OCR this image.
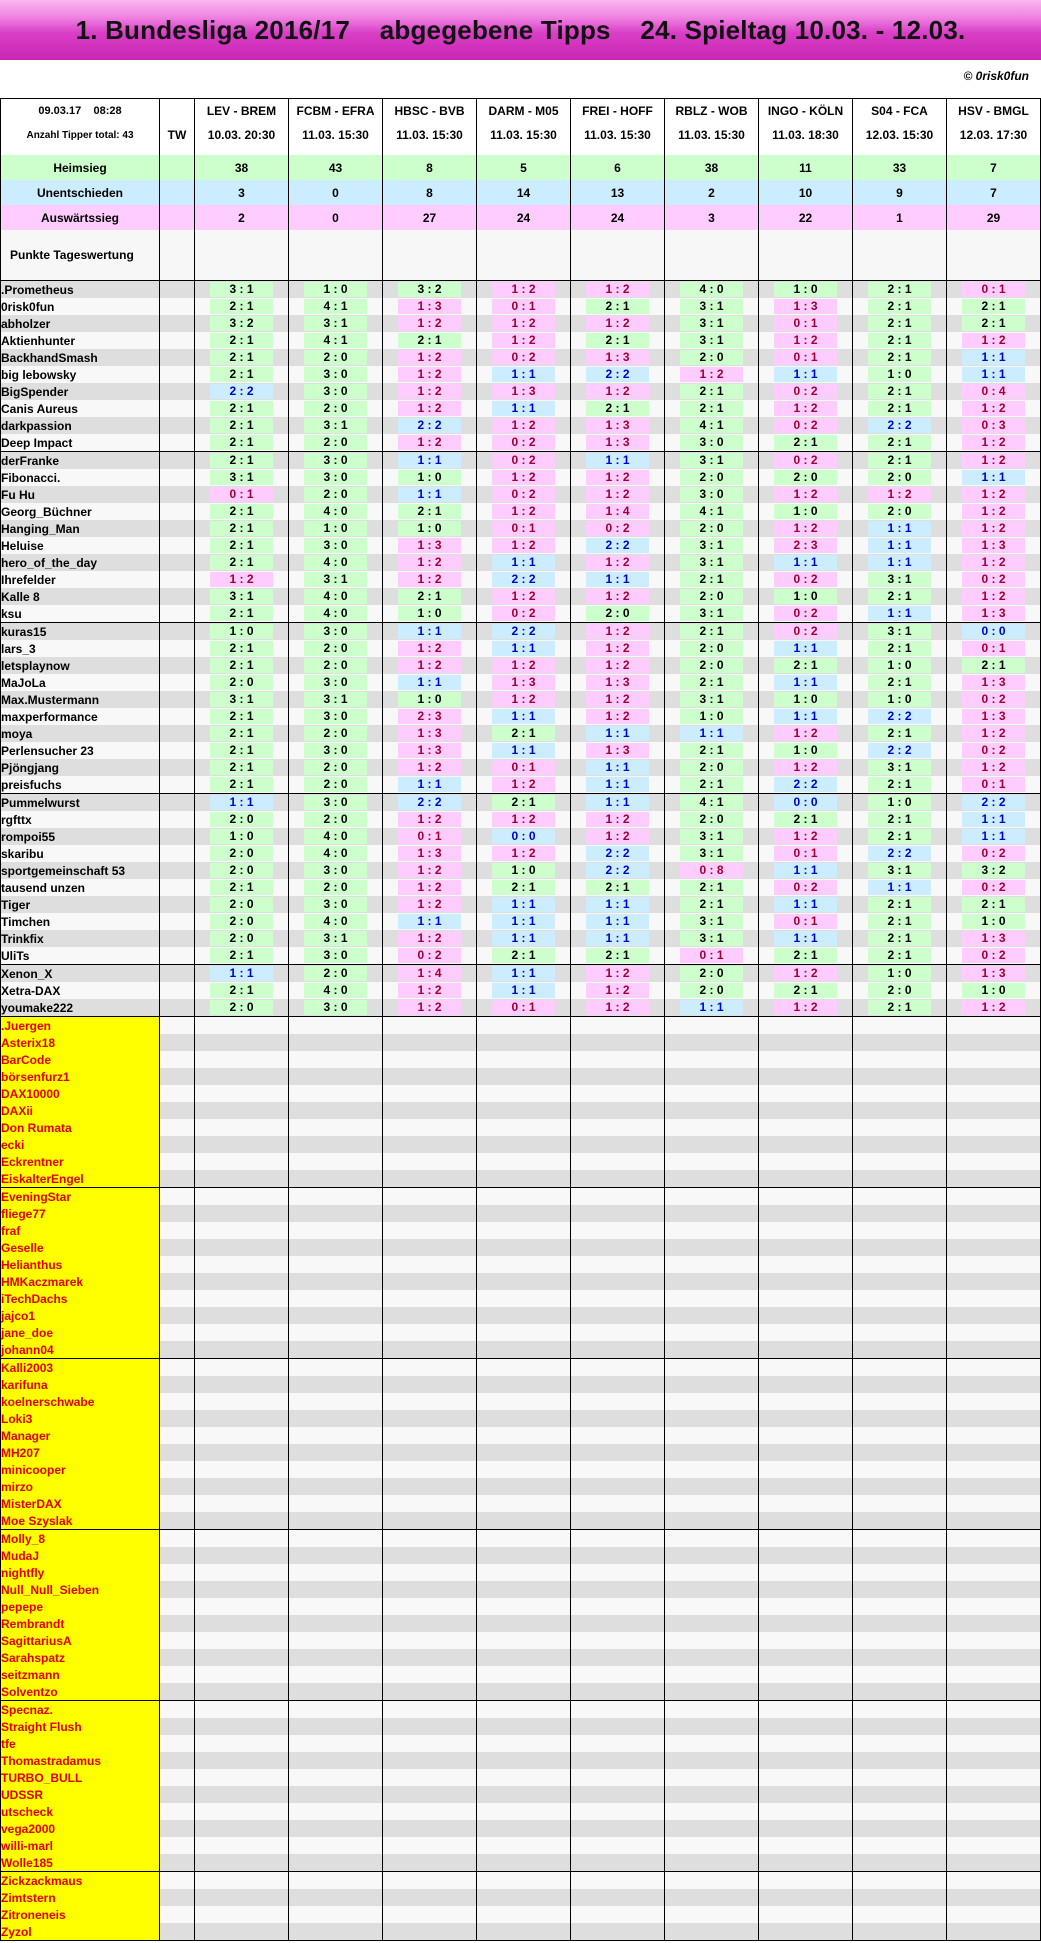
1. Bundesliga 2016/17    abgegebene Tipps    24. Spieltag 10.03. - 12.03.
© 0risk0fun
09.03.17 08:28		LEV - BREM	FCBM - EFRA	HBSC - BVB	DARM - M05	FREI - HOFF	RBLZ - WOB	INGO - KÖLN	S04 - FCA	HSV - BMGL
Anzahl Tipper total: 43	TW	10.03. 20:30	11.03. 15:30	11.03. 15:30	11.03. 15:30	11.03. 15:30	11.03. 15:30	11.03. 18:30	12.03. 15:30	12.03. 17:30

Heimsieg		38	43	8	5	6	38	11	33	7
Unentschieden		3	0	8	14	13	2	10	9	7
Auswärtssieg		2	0	27	24	24	3	22	1	29
Punkte Tageswertung										
.Prometheus		3 : 1	1 : 0	3 : 2	1 : 2	1 : 2	4 : 0	1 : 0	2 : 1	0 : 1

0risk0fun		2 : 1	4 : 1	1 : 3	0 : 1	2 : 1	3 : 1	1 : 3	2 : 1	2 : 1

abholzer		3 : 2	3 : 1	1 : 2	1 : 2	1 : 2	3 : 1	0 : 1	2 : 1	2 : 1

Aktienhunter		2 : 1	4 : 1	2 : 1	1 : 2	2 : 1	3 : 1	1 : 2	2 : 1	1 : 2

BackhandSmash		2 : 1	2 : 0	1 : 2	0 : 2	1 : 3	2 : 0	0 : 1	2 : 1	1 : 1

big lebowsky		2 : 1	3 : 0	1 : 2	1 : 1	2 : 2	1 : 2	1 : 1	1 : 0	1 : 1

BigSpender		2 : 2	3 : 0	1 : 2	1 : 3	1 : 2	2 : 1	0 : 2	2 : 1	0 : 4

Canis Aureus		2 : 1	2 : 0	1 : 2	1 : 1	2 : 1	2 : 1	1 : 2	2 : 1	1 : 2

darkpassion		2 : 1	3 : 1	2 : 2	1 : 2	1 : 3	4 : 1	0 : 2	2 : 2	0 : 3

Deep Impact		2 : 1	2 : 0	1 : 2	0 : 2	1 : 3	3 : 0	2 : 1	2 : 1	1 : 2

derFranke		2 : 1	3 : 0	1 : 1	0 : 2	1 : 1	3 : 1	0 : 2	2 : 1	1 : 2

Fibonacci.		3 : 1	3 : 0	1 : 0	1 : 2	1 : 2	2 : 0	2 : 0	2 : 0	1 : 1

Fu Hu		0 : 1	2 : 0	1 : 1	0 : 2	1 : 2	3 : 0	1 : 2	1 : 2	1 : 2

Georg_Büchner		2 : 1	4 : 0	2 : 1	1 : 2	1 : 4	4 : 1	1 : 0	2 : 0	1 : 2

Hanging_Man		2 : 1	1 : 0	1 : 0	0 : 1	0 : 2	2 : 0	1 : 2	1 : 1	1 : 2

Heluise		2 : 1	3 : 0	1 : 3	1 : 2	2 : 2	3 : 1	2 : 3	1 : 1	1 : 3

hero_of_the_day		2 : 1	4 : 0	1 : 2	1 : 1	1 : 2	3 : 1	1 : 1	1 : 1	1 : 2

Ihrefelder		1 : 2	3 : 1	1 : 2	2 : 2	1 : 1	2 : 1	0 : 2	3 : 1	0 : 2

Kalle 8		3 : 1	4 : 0	2 : 1	1 : 2	1 : 2	2 : 0	1 : 0	2 : 1	1 : 2

ksu		2 : 1	4 : 0	1 : 0	0 : 2	2 : 0	3 : 1	0 : 2	1 : 1	1 : 3

kuras15		1 : 0	3 : 0	1 : 1	2 : 2	1 : 2	2 : 1	0 : 2	3 : 1	0 : 0

lars_3		2 : 1	2 : 0	1 : 2	1 : 1	1 : 2	2 : 0	1 : 1	2 : 1	0 : 1

letsplaynow		2 : 1	2 : 0	1 : 2	1 : 2	1 : 2	2 : 0	2 : 1	1 : 0	2 : 1

MaJoLa		2 : 0	3 : 0	1 : 1	1 : 3	1 : 3	2 : 1	1 : 1	2 : 1	1 : 3

Max.Mustermann		3 : 1	3 : 1	1 : 0	1 : 2	1 : 2	3 : 1	1 : 0	1 : 0	0 : 2

maxperformance		2 : 1	3 : 0	2 : 3	1 : 1	1 : 2	1 : 0	1 : 1	2 : 2	1 : 3

moya		2 : 1	2 : 0	1 : 3	2 : 1	1 : 1	1 : 1	1 : 2	2 : 1	1 : 2

Perlensucher 23		2 : 1	3 : 0	1 : 3	1 : 1	1 : 3	2 : 1	1 : 0	2 : 2	0 : 2

Pjöngjang		2 : 1	2 : 0	1 : 2	0 : 1	1 : 1	2 : 0	1 : 2	3 : 1	1 : 2

preisfuchs		2 : 1	2 : 0	1 : 1	1 : 2	1 : 1	2 : 1	2 : 2	2 : 1	0 : 1

Pummelwurst		1 : 1	3 : 0	2 : 2	2 : 1	1 : 1	4 : 1	0 : 0	1 : 0	2 : 2

rgfttx		2 : 0	2 : 0	1 : 2	1 : 2	1 : 2	2 : 0	2 : 1	2 : 1	1 : 1

rompoi55		1 : 0	4 : 0	0 : 1	0 : 0	1 : 2	3 : 1	1 : 2	2 : 1	1 : 1

skaribu		2 : 0	4 : 0	1 : 3	1 : 2	2 : 2	3 : 1	0 : 1	2 : 2	0 : 2

sportgemeinschaft 53		2 : 0	3 : 0	1 : 2	1 : 0	2 : 2	0 : 8	1 : 1	3 : 1	3 : 2

tausend unzen		2 : 1	2 : 0	1 : 2	2 : 1	2 : 1	2 : 1	0 : 2	1 : 1	0 : 2

Tiger		2 : 0	3 : 0	1 : 2	1 : 1	1 : 1	2 : 1	1 : 1	2 : 1	2 : 1

Timchen		2 : 0	4 : 0	1 : 1	1 : 1	1 : 1	3 : 1	0 : 1	2 : 1	1 : 0

Trinkfix		2 : 0	3 : 1	1 : 2	1 : 1	1 : 1	3 : 1	1 : 1	2 : 1	1 : 3

UliTs		2 : 1	3 : 0	0 : 2	2 : 1	2 : 1	0 : 1	2 : 1	2 : 1	0 : 2

Xenon_X		1 : 1	2 : 0	1 : 4	1 : 1	1 : 2	2 : 0	1 : 2	1 : 0	1 : 3

Xetra-DAX		2 : 1	4 : 0	1 : 2	1 : 1	1 : 2	2 : 0	2 : 1	2 : 0	1 : 0

youmake222		2 : 0	3 : 0	1 : 2	0 : 1	1 : 2	1 : 1	1 : 2	2 : 1	1 : 2

.Juergen										
Asterix18										
BarCode										
börsenfurz1										
DAX10000										
DAXii										
Don Rumata										
ecki										
Eckrentner										
EiskalterEngel										
EveningStar										
fliege77										
fraf										
Geselle										
Helianthus										
HMKaczmarek										
iTechDachs										
jajco1										
jane_doe										
johann04										
Kalli2003										
karifuna										
koelnerschwabe										
Loki3										
Manager										
MH207										
minicooper										
mirzo										
MisterDAX										
Moe Szyslak										
Molly_8										
MudaJ										
nightfly										
Null_Null_Sieben										
pepepe										
Rembrandt										
SagittariusA										
Sarahspatz										
seitzmann										
Solventzo										
Specnaz.										
Straight Flush										
tfe										
Thomastradamus										
TURBO_BULL										
UDSSR										
utscheck										
vega2000										
willi-marl										
Wolle185										
Zickzackmaus										
Zimtstern										
Zitroneneis										
Zyzol										
